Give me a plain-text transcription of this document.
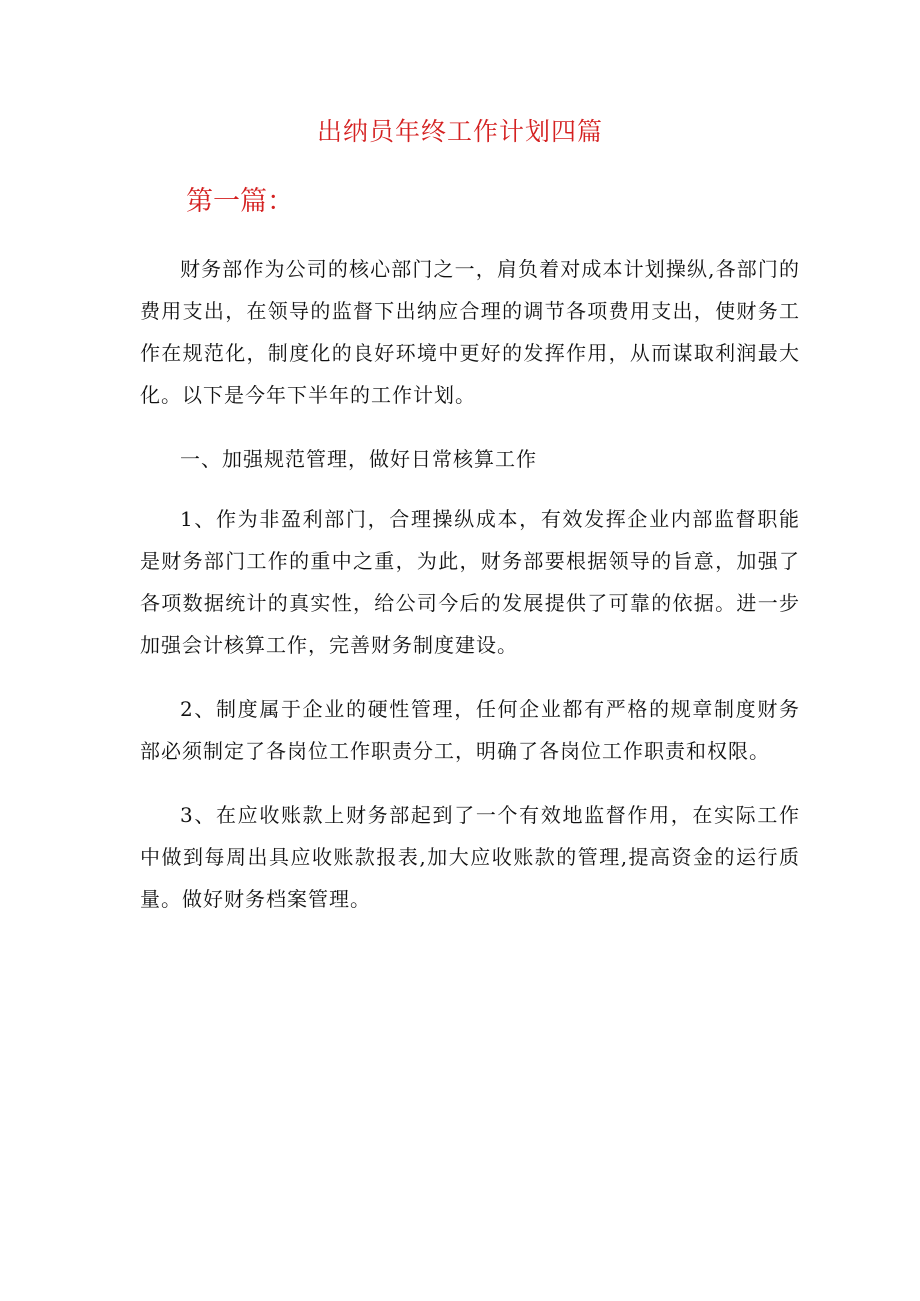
出纳员年终工作计划四篇
第一篇：

财务部作为公司的核心部门之一，肩负着对成本计划操纵,各部门的费用支出，在领导的监督下出纳应合理的调节各项费用支出，使财务工作在规范化，制度化的良好环境中更好的发挥作用，从而谋取利润最大化。以下是今年下半年的工作计划。

一、加强规范管理，做好日常核算工作

1、作为非盈利部门，合理操纵成本，有效发挥企业内部监督职能是财务部门工作的重中之重，为此，财务部要根据领导的旨意，加强了各项数据统计的真实性，给公司今后的发展提供了可靠的依据。进一步加强会计核算工作，完善财务制度建设。

2、制度属于企业的硬性管理，任何企业都有严格的规章制度财务部必须制定了各岗位工作职责分工，明确了各岗位工作职责和权限。

3、在应收账款上财务部起到了一个有效地监督作用，在实际工作中做到每周出具应收账款报表,加大应收账款的管理,提高资金的运行质量。做好财务档案管理。
